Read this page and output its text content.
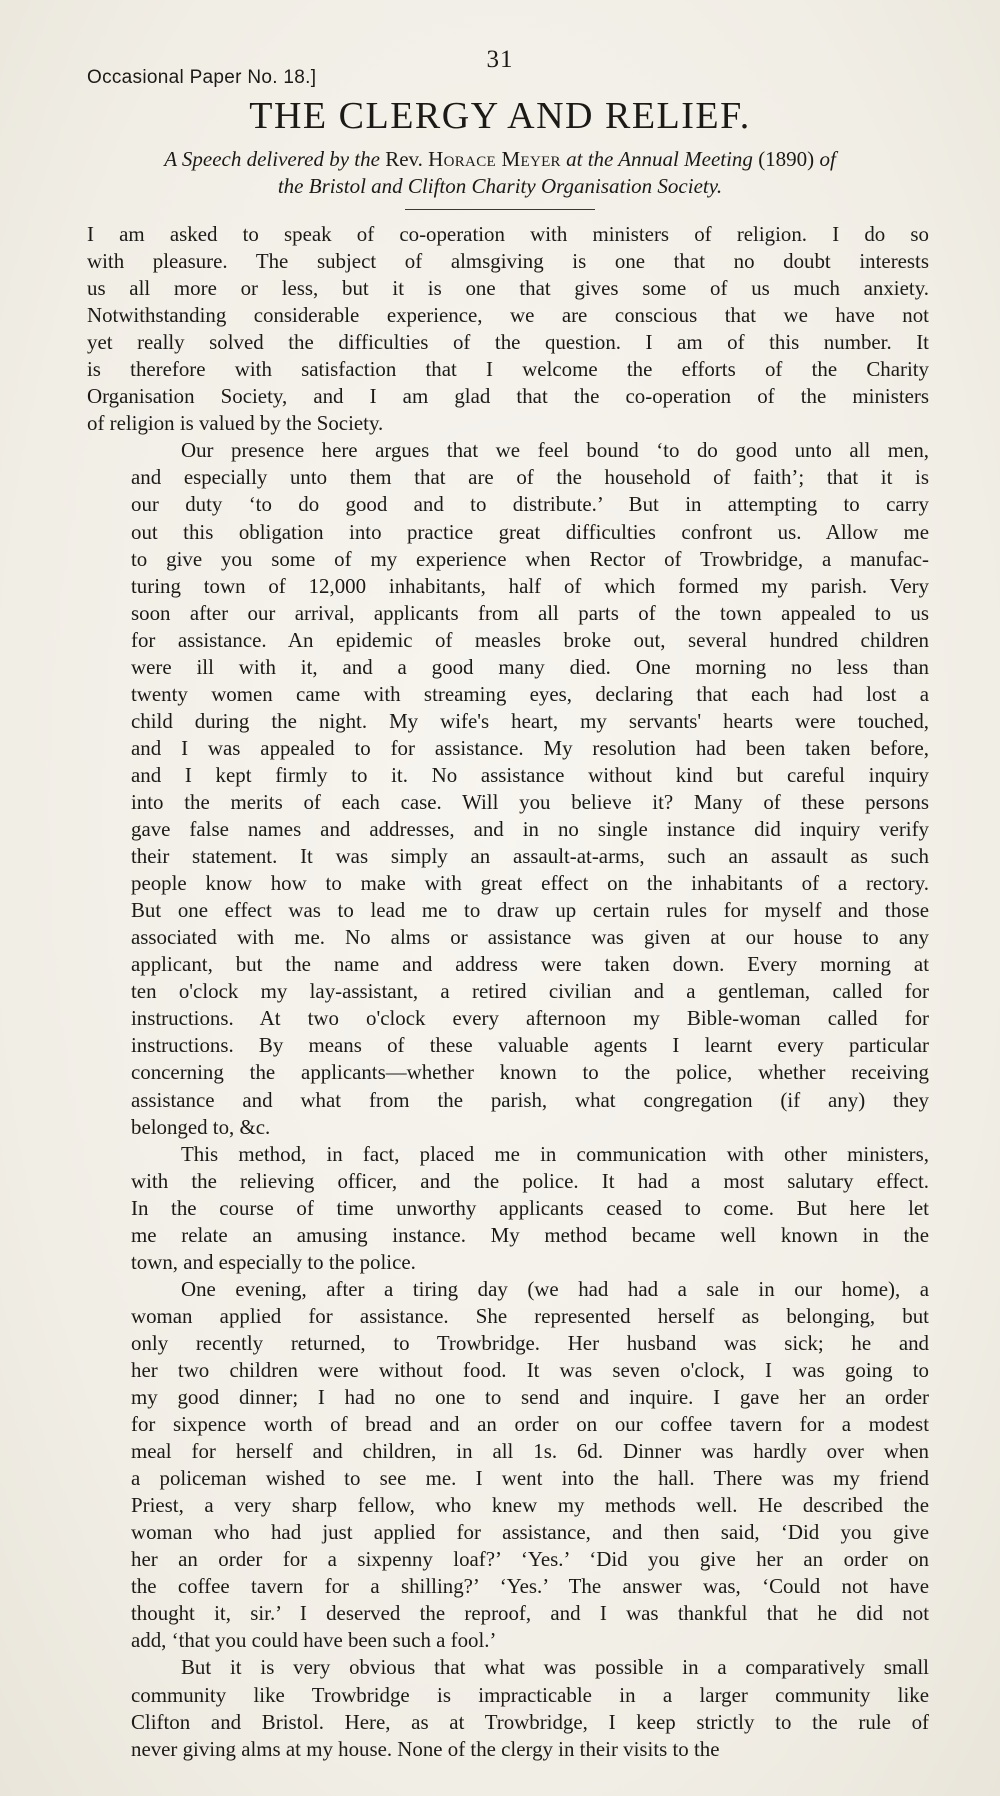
31
Occasional Paper No. 18.]
THE CLERGY AND RELIEF.
A Speech delivered by the Rev. Horace Meyer at the Annual Meeting (1890) of
the Bristol and Clifton Charity Organisation Society.
I am asked to speak of co-operation with ministers of religion. I do so
with pleasure. The subject of almsgiving is one that no doubt interests
us all more or less, but it is one that gives some of us much anxiety.
Notwithstanding considerable experience, we are conscious that we have not
yet really solved the difficulties of the question. I am of this number. It
is therefore with satisfaction that I welcome the efforts of the Charity
Organisation Society, and I am glad that the co-operation of the ministers
of religion is valued by the Society.
Our presence here argues that we feel bound ‘to do good unto all men,
and especially unto them that are of the household of faith’; that it is
our duty ‘to do good and to distribute.’ But in attempting to carry
out this obligation into practice great difficulties confront us. Allow me
to give you some of my experience when Rector of Trowbridge, a manufac-
turing town of 12,000 inhabitants, half of which formed my parish. Very
soon after our arrival, applicants from all parts of the town appealed to us
for assistance. An epidemic of measles broke out, several hundred children
were ill with it, and a good many died. One morning no less than
twenty women came with streaming eyes, declaring that each had lost a
child during the night. My wife's heart, my servants' hearts were touched,
and I was appealed to for assistance. My resolution had been taken before,
and I kept firmly to it. No assistance without kind but careful inquiry
into the merits of each case. Will you believe it? Many of these persons
gave false names and addresses, and in no single instance did inquiry verify
their statement. It was simply an assault-at-arms, such an assault as such
people know how to make with great effect on the inhabitants of a rectory.
But one effect was to lead me to draw up certain rules for myself and those
associated with me. No alms or assistance was given at our house to any
applicant, but the name and address were taken down. Every morning at
ten o'clock my lay-assistant, a retired civilian and a gentleman, called for
instructions. At two o'clock every afternoon my Bible-woman called for
instructions. By means of these valuable agents I learnt every particular
concerning the applicants—whether known to the police, whether receiving
assistance and what from the parish, what congregation (if any) they
belonged to, &c.
This method, in fact, placed me in communication with other ministers,
with the relieving officer, and the police. It had a most salutary effect.
In the course of time unworthy applicants ceased to come. But here let
me relate an amusing instance. My method became well known in the
town, and especially to the police.
One evening, after a tiring day (we had had a sale in our home), a
woman applied for assistance. She represented herself as belonging, but
only recently returned, to Trowbridge. Her husband was sick; he and
her two children were without food. It was seven o'clock, I was going to
my good dinner; I had no one to send and inquire. I gave her an order
for sixpence worth of bread and an order on our coffee tavern for a modest
meal for herself and children, in all 1s. 6d. Dinner was hardly over when
a policeman wished to see me. I went into the hall. There was my friend
Priest, a very sharp fellow, who knew my methods well. He described the
woman who had just applied for assistance, and then said, ‘Did you give
her an order for a sixpenny loaf?’ ‘Yes.’ ‘Did you give her an order on
the coffee tavern for a shilling?’ ‘Yes.’ The answer was, ‘Could not have
thought it, sir.’ I deserved the reproof, and I was thankful that he did not
add, ‘that you could have been such a fool.’
But it is very obvious that what was possible in a comparatively small
community like Trowbridge is impracticable in a larger community like
Clifton and Bristol. Here, as at Trowbridge, I keep strictly to the rule of
never giving alms at my house. None of the clergy in their visits to the
